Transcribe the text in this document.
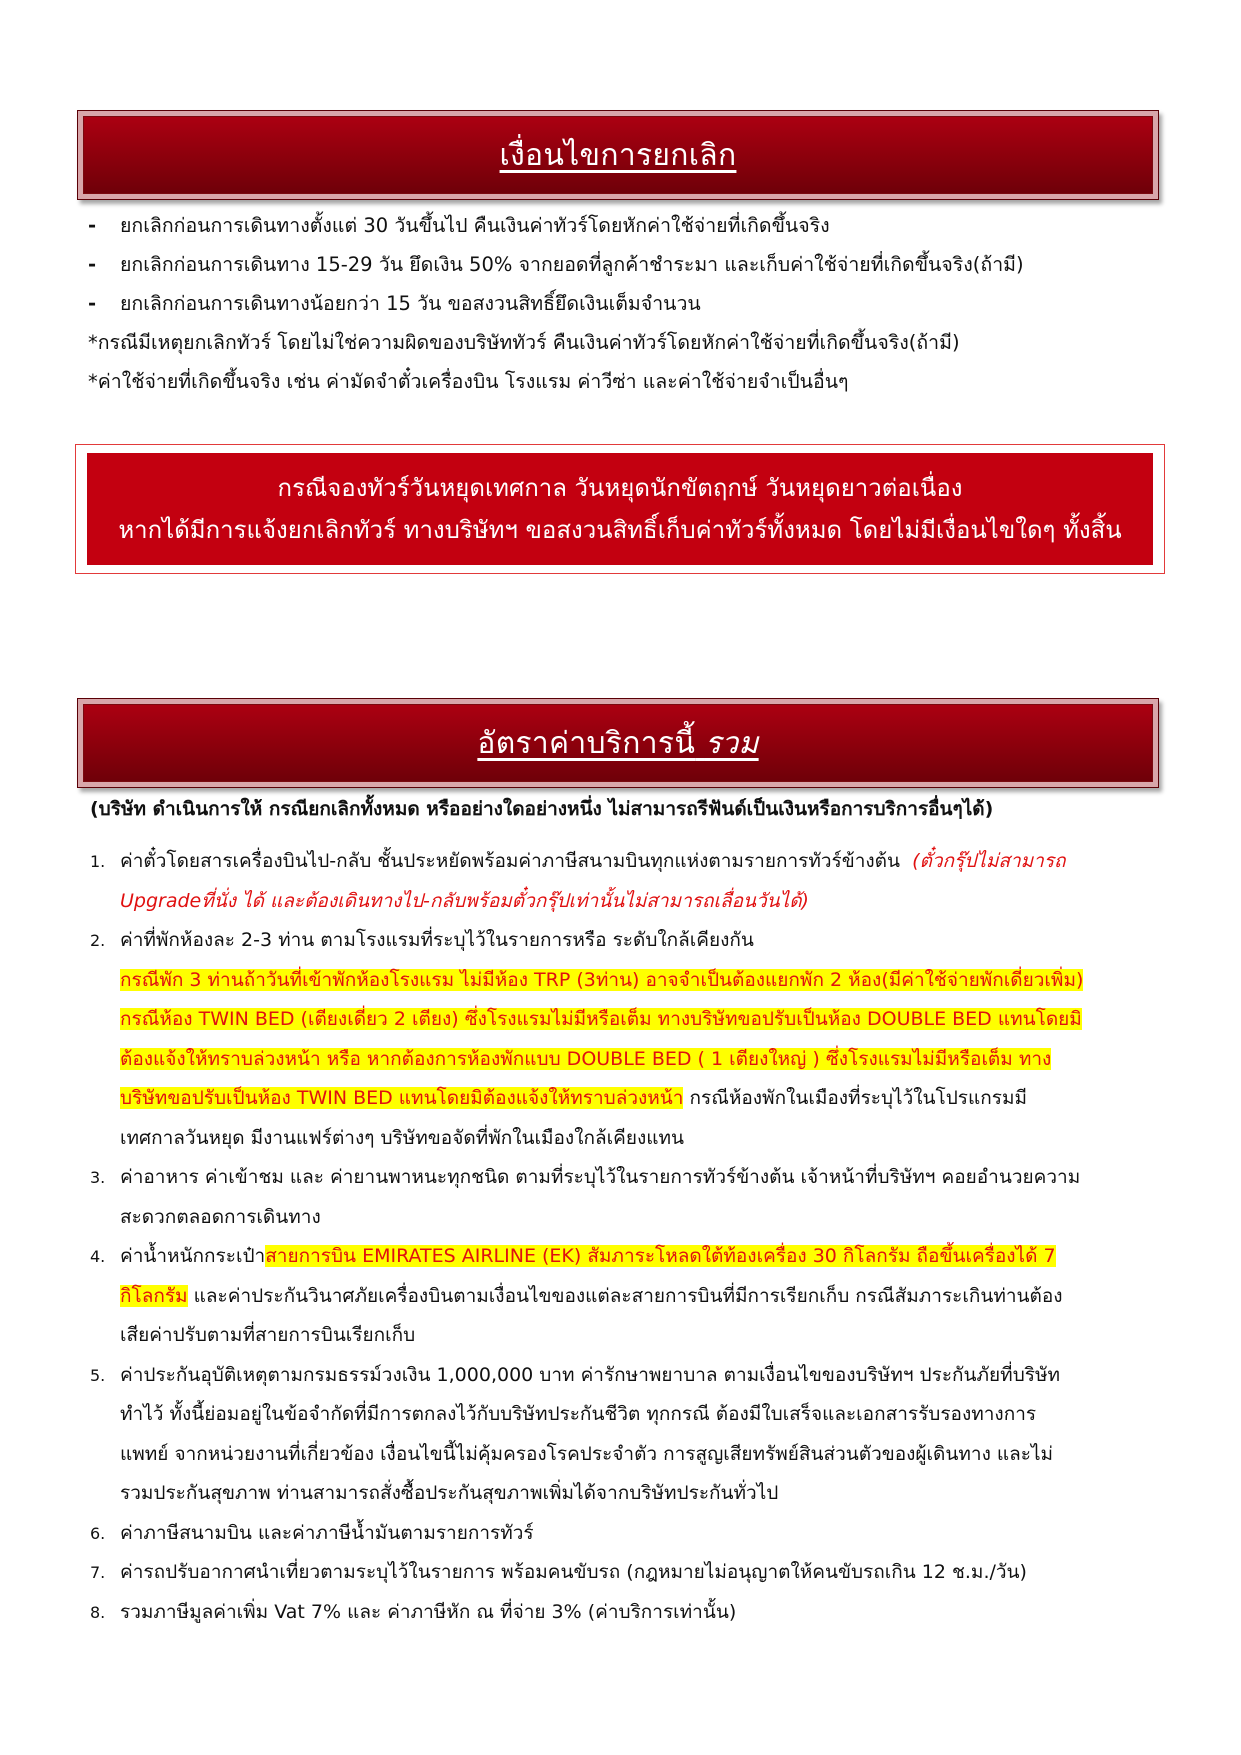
เงื่อนไขการยกเลิก
- ยกเลิกก่อนการเดินทางตั้งแต่ 30 วันขึ้นไป คืนเงินค่าทัวร์โดยหักค่าใช้จ่ายที่เกิดขึ้นจริง
- ยกเลิกก่อนการเดินทาง 15-29 วัน ยึดเงิน 50% จากยอดที่ลูกค้าชำระมา และเก็บค่าใช้จ่ายที่เกิดขึ้นจริง(ถ้ามี)
- ยกเลิกก่อนการเดินทางน้อยกว่า 15 วัน ขอสงวนสิทธิ์ยึดเงินเต็มจำนวน
*กรณีมีเหตุยกเลิกทัวร์ โดยไม่ใช่ความผิดของบริษัททัวร์ คืนเงินค่าทัวร์โดยหักค่าใช้จ่ายที่เกิดขึ้นจริง(ถ้ามี)
*ค่าใช้จ่ายที่เกิดขึ้นจริง เช่น ค่ามัดจำตั๋วเครื่องบิน โรงแรม ค่าวีซ่า และค่าใช้จ่ายจำเป็นอื่นๆ
กรณีจองทัวร์วันหยุดเทศกาล วันหยุดนักขัตฤกษ์ วันหยุดยาวต่อเนื่อง
หากได้มีการแจ้งยกเลิกทัวร์ ทางบริษัทฯ ขอสงวนสิทธิ์เก็บค่าทัวร์ทั้งหมด โดยไม่มีเงื่อนไขใดๆ ทั้งสิ้น
อัตราค่าบริการนี้ รวม
(บริษัท ดำเนินการให้ กรณียกเลิกทั้งหมด หรืออย่างใดอย่างหนึ่ง ไม่สามารถรีฟันด์เป็นเงินหรือการบริการอื่นๆได้)
1. ค่าตั๋วโดยสารเครื่องบินไป-กลับ ชั้นประหยัดพร้อมค่าภาษีสนามบินทุกแห่งตามรายการทัวร์ข้างต้น (ตั๋วกรุ๊ปไม่สามารถ
Upgradeที่นั่ง ได้ และต้องเดินทางไป-กลับพร้อมตั๋วกรุ๊ปเท่านั้นไม่สามารถเลื่อนวันได้)
2. ค่าที่พักห้องละ 2-3 ท่าน ตามโรงแรมที่ระบุไว้ในรายการหรือ ระดับใกล้เคียงกัน
กรณีพัก 3 ท่านถ้าวันที่เข้าพักห้องโรงแรม ไม่มีห้อง TRP (3ท่าน) อาจจำเป็นต้องแยกพัก 2 ห้อง(มีค่าใช้จ่ายพักเดี่ยวเพิ่ม)
กรณีห้อง TWIN BED (เตียงเดี่ยว 2 เตียง) ซึ่งโรงแรมไม่มีหรือเต็ม ทางบริษัทขอปรับเป็นห้อง DOUBLE BED แทนโดยมิ
ต้องแจ้งให้ทราบล่วงหน้า หรือ หากต้องการห้องพักแบบ DOUBLE BED ( 1 เตียงใหญ่ ) ซึ่งโรงแรมไม่มีหรือเต็ม ทาง
บริษัทขอปรับเป็นห้อง TWIN BED แทนโดยมิต้องแจ้งให้ทราบล่วงหน้า กรณีห้องพักในเมืองที่ระบุไว้ในโปรแกรมมี
เทศกาลวันหยุด มีงานแฟร์ต่างๆ บริษัทขอจัดที่พักในเมืองใกล้เคียงแทน
3. ค่าอาหาร ค่าเข้าชม และ ค่ายานพาหนะทุกชนิด ตามที่ระบุไว้ในรายการทัวร์ข้างต้น เจ้าหน้าที่บริษัทฯ คอยอำนวยความ
สะดวกตลอดการเดินทาง
4. ค่าน้ำหนักกระเป๋าสายการบิน EMIRATES AIRLINE (EK) สัมภาระโหลดใต้ท้องเครื่อง 30 กิโลกรัม ถือขึ้นเครื่องได้ 7
กิโลกรัม และค่าประกันวินาศภัยเครื่องบินตามเงื่อนไขของแต่ละสายการบินที่มีการเรียกเก็บ กรณีสัมภาระเกินท่านต้อง
เสียค่าปรับตามที่สายการบินเรียกเก็บ
5. ค่าประกันอุบัติเหตุตามกรมธรรม์วงเงิน 1,000,000 บาท ค่ารักษาพยาบาล ตามเงื่อนไขของบริษัทฯ ประกันภัยที่บริษัท
ทำไว้ ทั้งนี้ย่อมอยู่ในข้อจำกัดที่มีการตกลงไว้กับบริษัทประกันชีวิต ทุกกรณี ต้องมีใบเสร็จและเอกสารรับรองทางการ
แพทย์ จากหน่วยงานที่เกี่ยวข้อง เงื่อนไขนี้ไม่คุ้มครองโรคประจำตัว การสูญเสียทรัพย์สินส่วนตัวของผู้เดินทาง และไม่
รวมประกันสุขภาพ ท่านสามารถสั่งซื้อประกันสุขภาพเพิ่มได้จากบริษัทประกันทั่วไป
6. ค่าภาษีสนามบิน และค่าภาษีน้ำมันตามรายการทัวร์
7. ค่ารถปรับอากาศนำเที่ยวตามระบุไว้ในรายการ พร้อมคนขับรถ (กฎหมายไม่อนุญาตให้คนขับรถเกิน 12 ช.ม./วัน)
8. รวมภาษีมูลค่าเพิ่ม Vat 7% และ ค่าภาษีหัก ณ ที่จ่าย 3% (ค่าบริการเท่านั้น)
